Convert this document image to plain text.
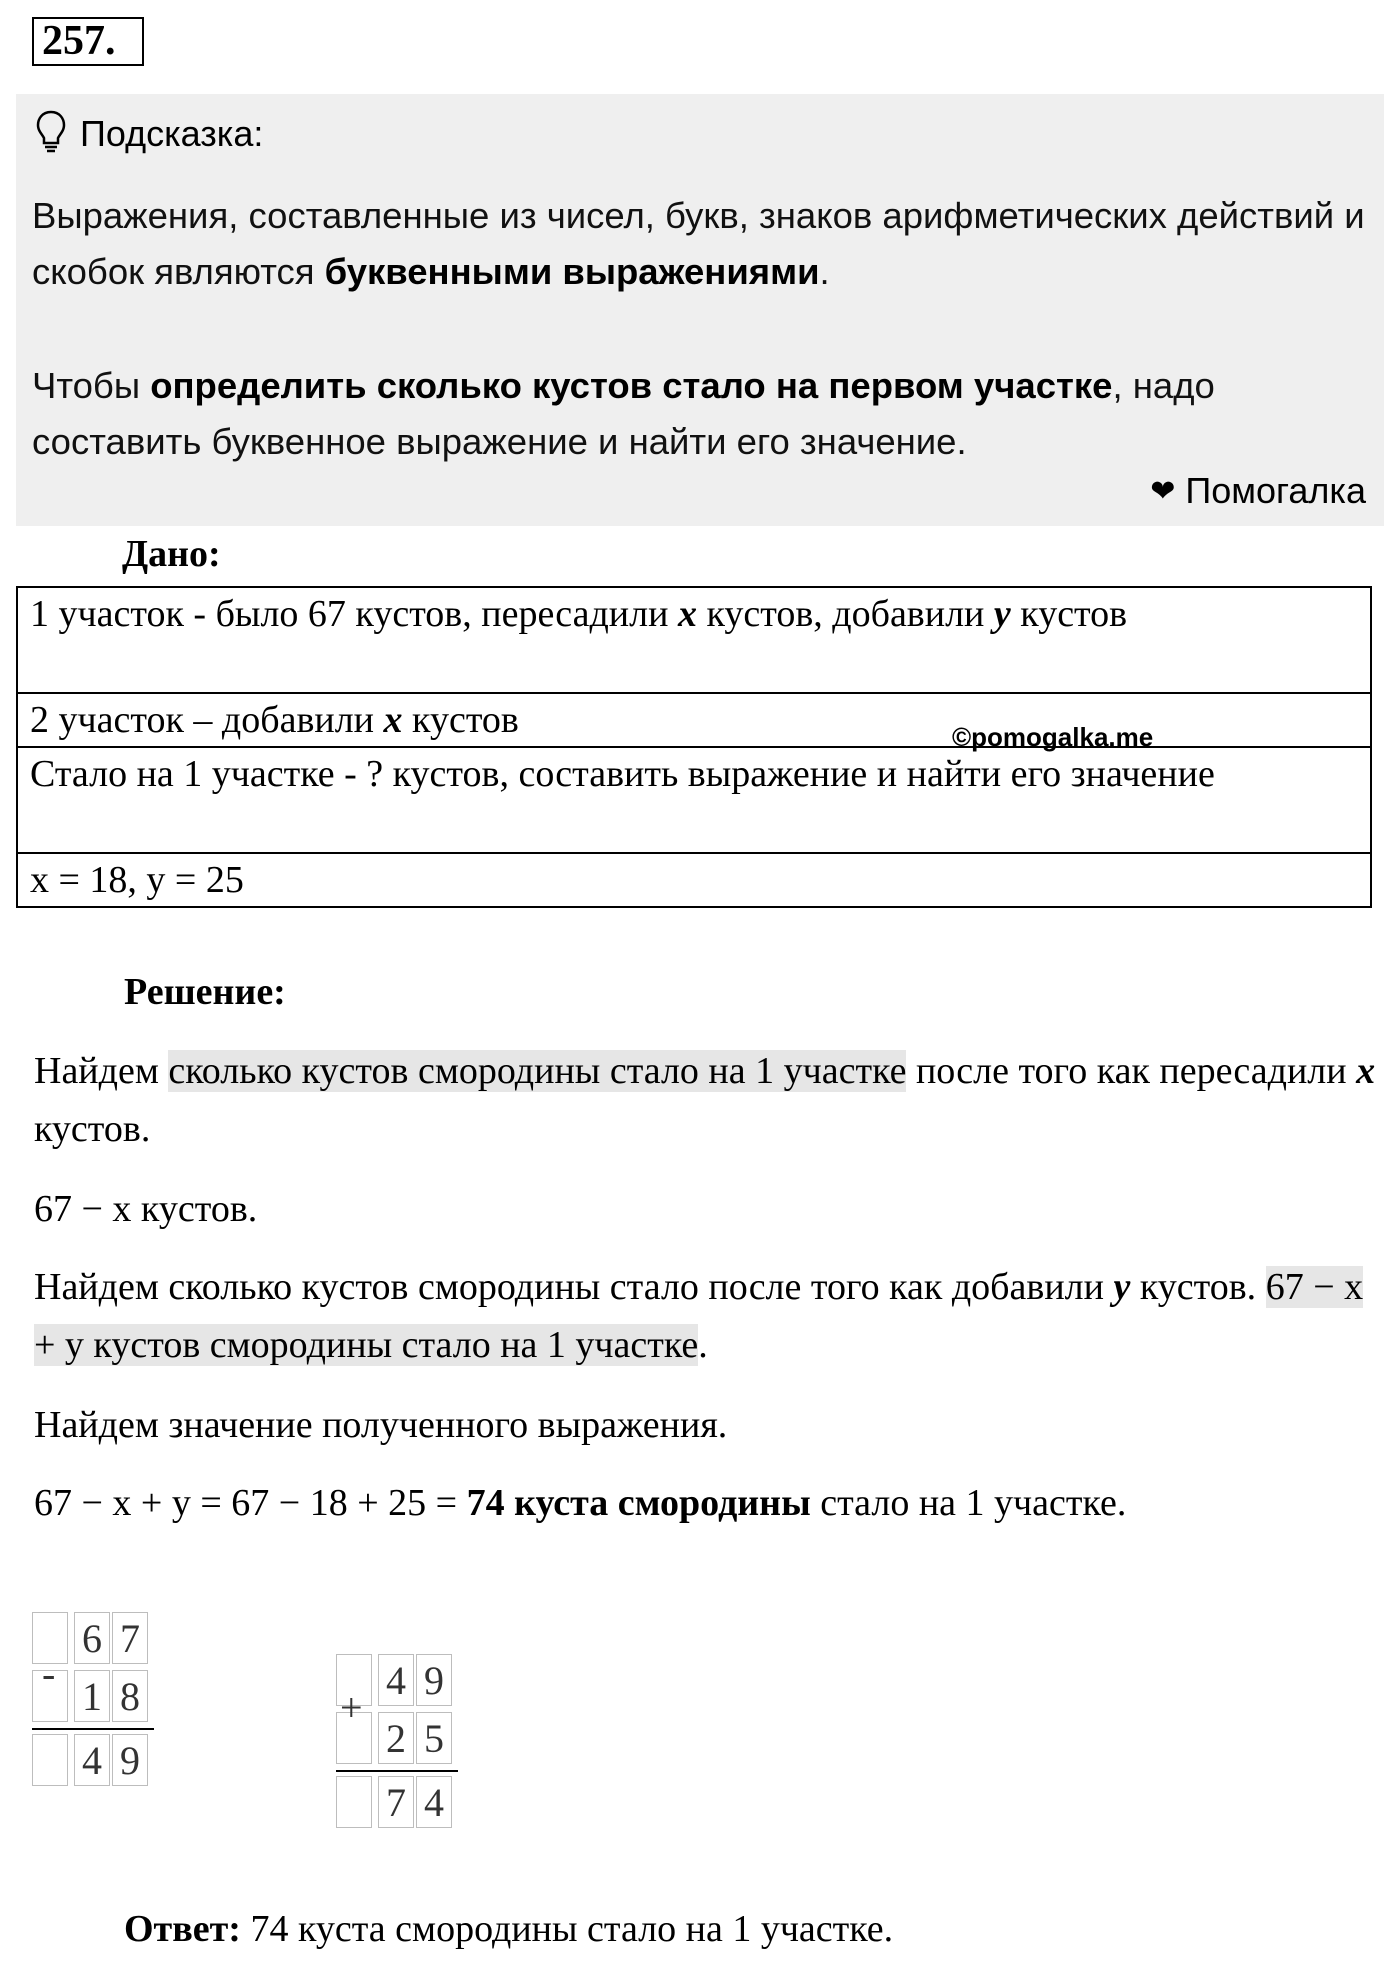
257.
Подсказка:

Выражения, составленные из чисел, букв, знаков арифметических действий и скобок являются буквенными выражениями.

Чтобы определить сколько кустов стало на первом участке, надо составить буквенное выражение и найти его значение.

❤ Помогалка
Дано:
1 участок - было 67 кустов, пересадили x кустов, добавили y кустов
2 участок – добавили x кустов
Стало на 1 участке - ? кустов, составить выражение и найти его значение
x = 18, y = 25
©pomogalka.me
Решение:

Найдем сколько кустов смородины стало на 1 участке после того как пересадили x кустов.

67 − x кустов.

Найдем сколько кустов смородины стало после того как добавили y кустов. 67 − x + y кустов смородины стало на 1 участке.

Найдем значение полученного выражения.

67 − x + y = 67 − 18 + 25 = 74 куста смородины стало на 1 участке.

6 7
1 8
-
4 9
4 9
2 5
+
7 4

Ответ: 74 куста смородины стало на 1 участке.
